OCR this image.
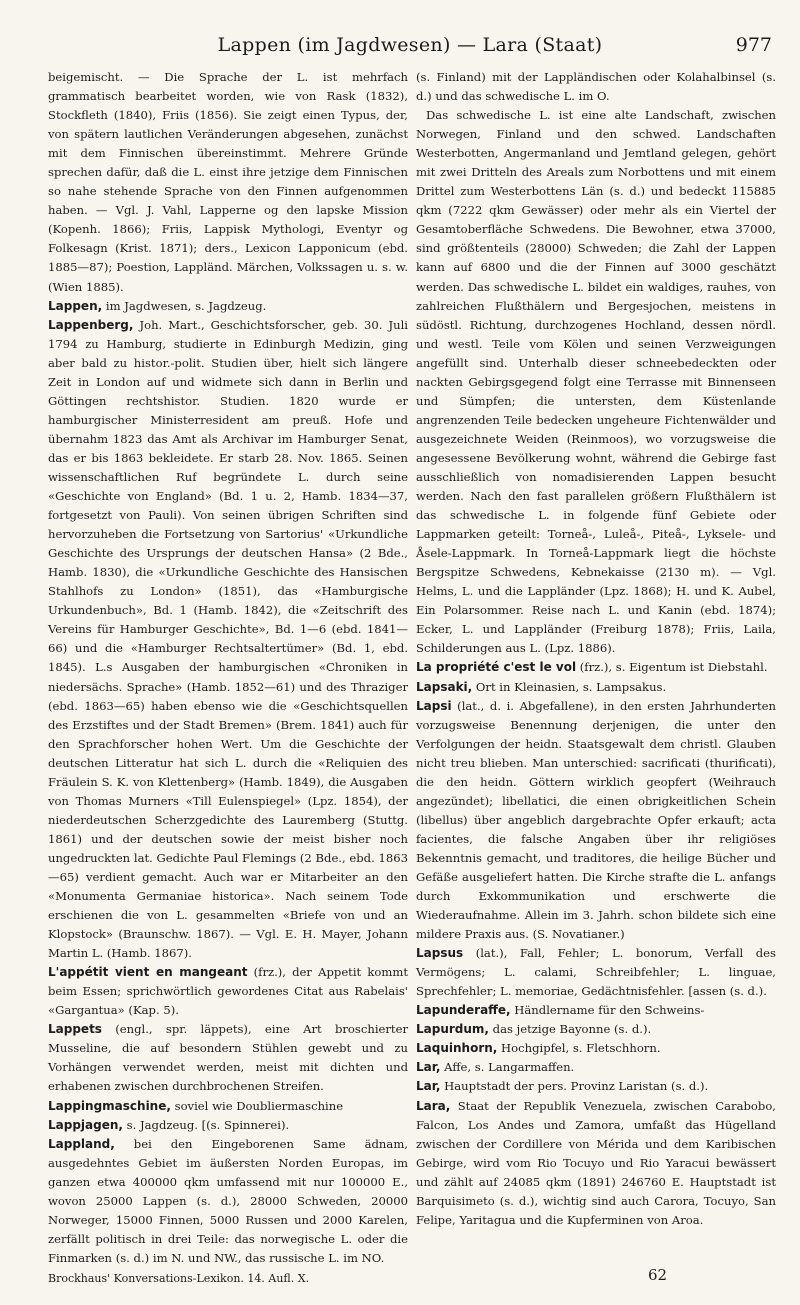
Lappen (im Jagdwesen) — Lara (Staat)	977

beigemischt. — Die Sprache der L. ist mehrfach grammatisch bearbeitet worden, wie von Rask (1832), Stockfleth (1840), Friis (1856). Sie zeigt einen Typus, der, von spätern lautlichen Veränderungen abgesehen, zunächst mit dem Finnischen übereinstimmt. Mehrere Gründe sprechen dafür, daß die L. einst ihre jetzige dem Finnischen so nahe stehende Sprache von den Finnen aufgenommen haben. — Vgl. J. Vahl, Lapperne og den lapske Mission (Kopenh. 1866); Friis, Lappisk Mythologi, Eventyr og Folkesagn (Krist. 1871); ders., Lexicon Lapponicum (ebd. 1885—87); Poestion, Lappländ. Märchen, Volkssagen u. s. w. (Wien 1885).

Lappen, im Jagdwesen, s. Jagdzeug.

Lappenberg, Joh. Mart., Geschichtsforscher, geb. 30. Juli 1794 zu Hamburg, studierte in Edinburgh Medizin, ging aber bald zu histor.-polit. Studien über, hielt sich längere Zeit in London auf und widmete sich dann in Berlin und Göttingen rechtshistor. Studien. 1820 wurde er hamburgischer Ministerresident am preuß. Hofe und übernahm 1823 das Amt als Archivar im Hamburger Senat, das er bis 1863 bekleidete. Er starb 28. Nov. 1865. Seinen wissenschaftlichen Ruf begründete L. durch seine «Geschichte von England» (Bd. 1 u. 2, Hamb. 1834—37, fortgesetzt von Pauli). Von seinen übrigen Schriften sind hervorzuheben die Fortsetzung von Sartorius' «Urkundliche Geschichte des Ursprungs der deutschen Hansa» (2 Bde., Hamb. 1830), die «Urkundliche Geschichte des Hansischen Stahlhofs zu London» (1851), das «Hamburgische Urkundenbuch», Bd. 1 (Hamb. 1842), die «Zeitschrift des Vereins für Hamburger Geschichte», Bd. 1—6 (ebd. 1841—66) und die «Hamburger Rechtsaltertümer» (Bd. 1, ebd. 1845). L.s Ausgaben der hamburgischen «Chroniken in niedersächs. Sprache» (Hamb. 1852—61) und des Thraziger (ebd. 1863—65) haben ebenso wie die «Geschichtsquellen des Erzstiftes und der Stadt Bremen» (Brem. 1841) auch für den Sprachforscher hohen Wert. Um die Geschichte der deutschen Litteratur hat sich L. durch die «Reliquien des Fräulein S. K. von Klettenberg» (Hamb. 1849), die Ausgaben von Thomas Murners «Till Eulenspiegel» (Lpz. 1854), der niederdeutschen Scherzgedichte des Lauremberg (Stuttg. 1861) und der deutschen sowie der meist bisher noch ungedruckten lat. Gedichte Paul Flemings (2 Bde., ebd. 1863—65) verdient gemacht. Auch war er Mitarbeiter an den «Monumenta Germaniae historica». Nach seinem Tode erschienen die von L. gesammelten «Briefe von und an Klopstock» (Braunschw. 1867). — Vgl. E. H. Mayer, Johann Martin L. (Hamb. 1867).

L'appétit vient en mangeant (frz.), der Appetit kommt beim Essen; sprichwörtlich gewordenes Citat aus Rabelais' «Gargantua» (Kap. 5).

Lappets (engl., spr. läppets), eine Art broschierter Musseline, die auf besondern Stühlen gewebt und zu Vorhängen verwendet werden, meist mit dichten und erhabenen zwischen durchbrochenen Streifen.

Lappingmaschine, soviel wie Doubliermaschine

Lappjagen, s. Jagdzeug. [(s. Spinnerei).

Lappland, bei den Eingeborenen Same ädnam, ausgedehntes Gebiet im äußersten Norden Europas, im ganzen etwa 400000 qkm umfassend mit nur 100000 E., wovon 25000 Lappen (s. d.), 28000 Schweden, 20000 Norweger, 15000 Finnen, 5000 Russen und 2000 Karelen, zerfällt politisch in drei Teile: das norwegische L. oder die Finmarken (s. d.) im N. und NW., das russische L. im NO.

(s. Finland) mit der Lappländischen oder Kolahalbinsel (s. d.) und das schwedische L. im O.

Das schwedische L. ist eine alte Landschaft, zwischen Norwegen, Finland und den schwed. Landschaften Westerbotten, Angermanland und Jemtland gelegen, gehört mit zwei Dritteln des Areals zum Norbottens und mit einem Drittel zum Westerbottens Län (s. d.) und bedeckt 115885 qkm (7222 qkm Gewässer) oder mehr als ein Viertel der Gesamtoberfläche Schwedens. Die Bewohner, etwa 37000, sind größtenteils (28000) Schweden; die Zahl der Lappen kann auf 6800 und die der Finnen auf 3000 geschätzt werden. Das schwedische L. bildet ein waldiges, rauhes, von zahlreichen Flußthälern und Bergesjochen, meistens in südöstl. Richtung, durchzogenes Hochland, dessen nördl. und westl. Teile vom Kölen und seinen Verzweigungen angefüllt sind. Unterhalb dieser schneebedeckten oder nackten Gebirgsgegend folgt eine Terrasse mit Binnenseen und Sümpfen; die untersten, dem Küstenlande angrenzenden Teile bedecken ungeheure Fichtenwälder und ausgezeichnete Weiden (Reinmoos), wo vorzugsweise die angesessene Bevölkerung wohnt, während die Gebirge fast ausschließlich von nomadisierenden Lappen besucht werden. Nach den fast parallelen größern Flußthälern ist das schwedische L. in folgende fünf Gebiete oder Lappmarken geteilt: Torneå-, Luleå-, Piteå-, Lyksele- und Åsele-Lappmark. In Torneå-Lappmark liegt die höchste Bergspitze Schwedens, Kebnekaisse (2130 m). — Vgl. Helms, L. und die Lappländer (Lpz. 1868); H. und K. Aubel, Ein Polarsommer. Reise nach L. und Kanin (ebd. 1874); Ecker, L. und Lappländer (Freiburg 1878); Friis, Laila, Schilderungen aus L. (Lpz. 1886).

La propriété c'est le vol (frz.), s. Eigentum ist Diebstahl.

Lapsaki, Ort in Kleinasien, s. Lampsakus.

Lapsi (lat., d. i. Abgefallene), in den ersten Jahrhunderten vorzugsweise Benennung derjenigen, die unter den Verfolgungen der heidn. Staatsgewalt dem christl. Glauben nicht treu blieben. Man unterschied: sacrificati (thurificati), die den heidn. Göttern wirklich geopfert (Weihrauch angezündet); libellatici, die einen obrigkeitlichen Schein (libellus) über angeblich dargebrachte Opfer erkauft; acta facientes, die falsche Angaben über ihr religiöses Bekenntnis gemacht, und traditores, die heilige Bücher und Gefäße ausgeliefert hatten. Die Kirche strafte die L. anfangs durch Exkommunikation und erschwerte die Wiederaufnahme. Allein im 3. Jahrh. schon bildete sich eine mildere Praxis aus. (S. Novatianer.)

Lapsus (lat.), Fall, Fehler; L. bonorum, Verfall des Vermögens; L. calami, Schreibfehler; L. linguae, Sprechfehler; L. memoriae, Gedächtnisfehler. [assen (s. d.).

Lapunderaffe, Händlername für den Schweins-

Lapurdum, das jetzige Bayonne (s. d.).

Laquinhorn, Hochgipfel, s. Fletschhorn.

Lar, Affe, s. Langarmaffen.

Lar, Hauptstadt der pers. Provinz Laristan (s. d.).

Lara, Staat der Republik Venezuela, zwischen Carabobo, Falcon, Los Andes und Zamora, umfaßt das Hügelland zwischen der Cordillere von Mérida und dem Karibischen Gebirge, wird vom Rio Tocuyo und Rio Yaracui bewässert und zählt auf 24085 qkm (1891) 246760 E. Hauptstadt ist Barquisimeto (s. d.), wichtig sind auch Carora, Tocuyo, San Felipe, Yaritagua und die Kupferminen von Aroa.

Brockhaus' Konversations-Lexikon. 14. Aufl. X.	62
